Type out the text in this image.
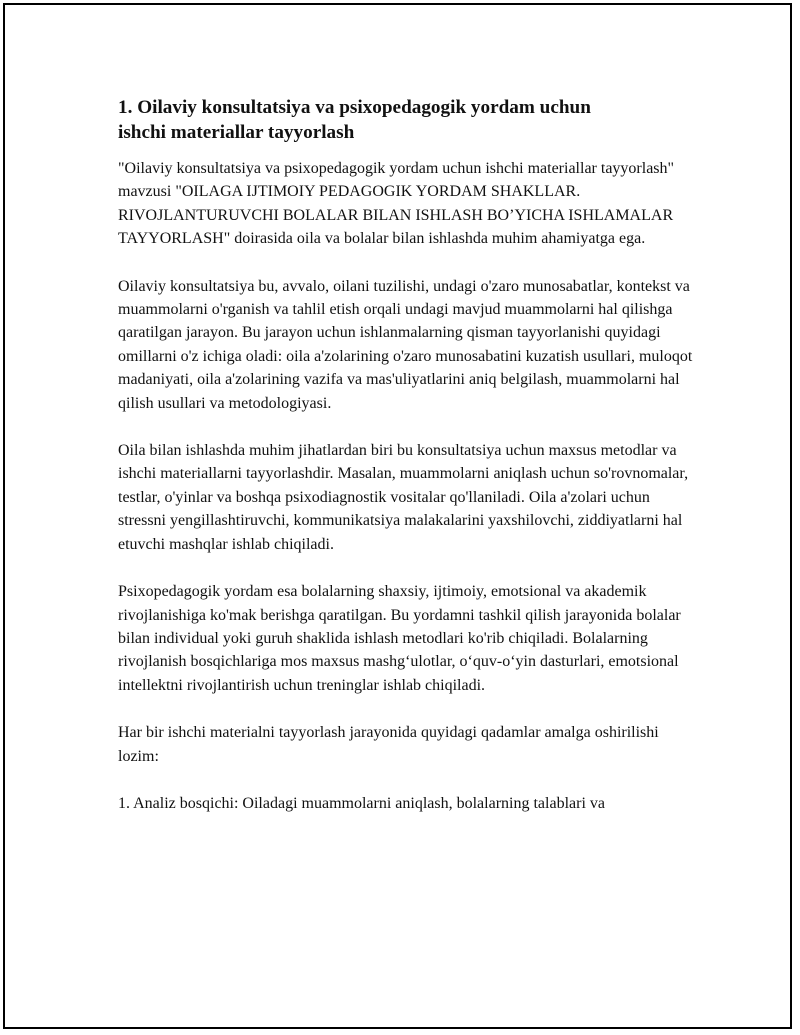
1. Oilaviy konsultatsiya va psixopedagogik yordam uchun
ishchi materiallar tayyorlash

"Oilaviy konsultatsiya va psixopedagogik yordam uchun ishchi materiallar tayyorlash" mavzusi "OILAGA IJTIMOIY PEDAGOGIK YORDAM SHAKLLAR. RIVOJLANTURUVCHI BOLALAR BILAN ISHLASH BO’YICHA ISHLAMALAR TAYYORLASH" doirasida oila va bolalar bilan ishlashda muhim ahamiyatga ega.

Oilaviy konsultatsiya bu, avvalo, oilani tuzilishi, undagi o'zaro munosabatlar, kontekst va muammolarni o'rganish va tahlil etish orqali undagi mavjud muammolarni hal qilishga qaratilgan jarayon. Bu jarayon uchun ishlanmalarning qisman tayyorlanishi quyidagi omillarni o'z ichiga oladi: oila a'zolarining o'zaro munosabatini kuzatish usullari, muloqot madaniyati, oila a'zolarining vazifa va mas'uliyatlarini aniq belgilash, muammolarni hal qilish usullari va metodologiyasi.

Oila bilan ishlashda muhim jihatlardan biri bu konsultatsiya uchun maxsus metodlar va ishchi materiallarni tayyorlashdir. Masalan, muammolarni aniqlash uchun so'rovnomalar, testlar, o'yinlar va boshqa psixodiagnostik vositalar qo'llaniladi. Oila a'zolari uchun stressni yengillashtiruvchi, kommunikatsiya malakalarini yaxshilovchi, ziddiyatlarni hal etuvchi mashqlar ishlab chiqiladi.

Psixopedagogik yordam esa bolalarning shaxsiy, ijtimoiy, emotsional va akademik rivojlanishiga ko'mak berishga qaratilgan. Bu yordamni tashkil qilish jarayonida bolalar bilan individual yoki guruh shaklida ishlash metodlari ko'rib chiqiladi. Bolalarning rivojlanish bosqichlariga mos maxsus mashg‘ulotlar, o‘quv-o‘yin dasturlari, emotsional intellektni rivojlantirish uchun treninglar ishlab chiqiladi.

Har bir ishchi materialni tayyorlash jarayonida quyidagi qadamlar amalga oshirilishi lozim:

1. Analiz bosqichi: Oiladagi muammolarni aniqlash, bolalarning talablari va
